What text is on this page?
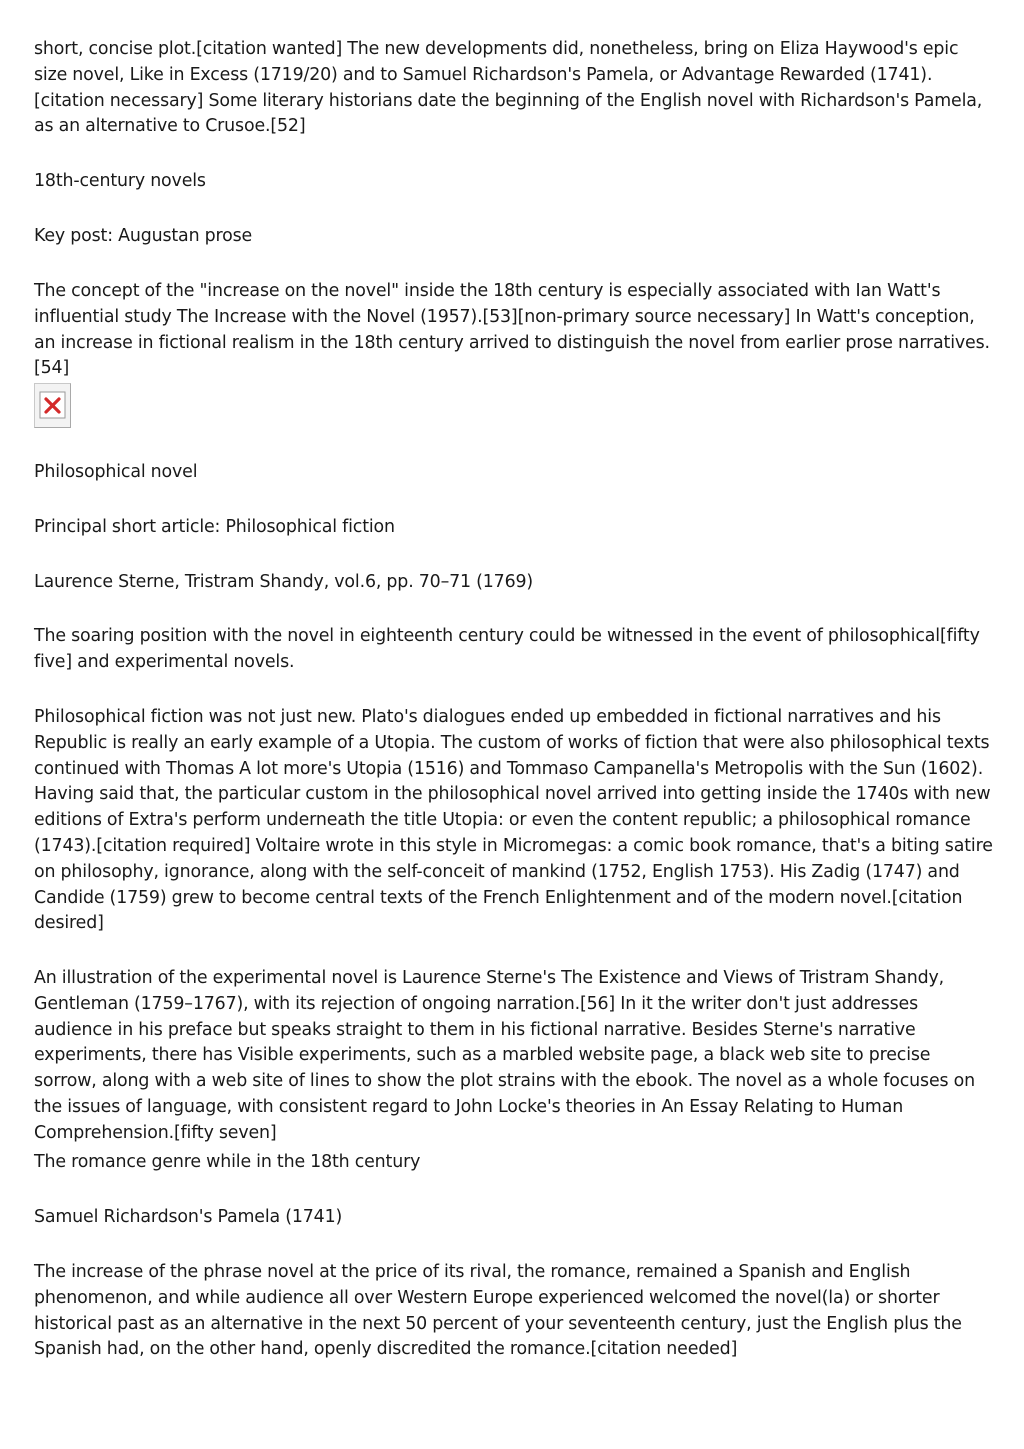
short, concise plot.[citation wanted] The new developments did, nonetheless, bring on Eliza Haywood's epic size novel, Like in Excess (1719/20) and to Samuel Richardson's Pamela, or Advantage Rewarded (1741).[citation necessary] Some literary historians date the beginning of the English novel with Richardson's Pamela, as an alternative to Crusoe.[52]

18th-century novels

Key post: Augustan prose

The concept of the "increase on the novel" inside the 18th century is especially associated with Ian Watt's influential study The Increase with the Novel (1957).[53][non-primary source necessary] In Watt's conception, an increase in fictional realism in the 18th century arrived to distinguish the novel from earlier prose narratives.[54]

Philosophical novel

Principal short article: Philosophical fiction

Laurence Sterne, Tristram Shandy, vol.6, pp. 70–71 (1769)

The soaring position with the novel in eighteenth century could be witnessed in the event of philosophical[fifty five] and experimental novels.

Philosophical fiction was not just new. Plato's dialogues ended up embedded in fictional narratives and his Republic is really an early example of a Utopia. The custom of works of fiction that were also philosophical texts continued with Thomas A lot more's Utopia (1516) and Tommaso Campanella's Metropolis with the Sun (1602). Having said that, the particular custom in the philosophical novel arrived into getting inside the 1740s with new editions of Extra's perform underneath the title Utopia: or even the content republic; a philosophical romance (1743).[citation required] Voltaire wrote in this style in Micromegas: a comic book romance, that's a biting satire on philosophy, ignorance, along with the self-conceit of mankind (1752, English 1753). His Zadig (1747) and Candide (1759) grew to become central texts of the French Enlightenment and of the modern novel.[citation desired]

An illustration of the experimental novel is Laurence Sterne's The Existence and Views of Tristram Shandy, Gentleman (1759–1767), with its rejection of ongoing narration.[56] In it the writer don't just addresses audience in his preface but speaks straight to them in his fictional narrative. Besides Sterne's narrative experiments, there has Visible experiments, such as a marbled website page, a black web site to precise sorrow, along with a web site of lines to show the plot strains with the ebook. The novel as a whole focuses on the issues of language, with consistent regard to John Locke's theories in An Essay Relating to Human Comprehension.[fifty seven]

The romance genre while in the 18th century

Samuel Richardson's Pamela (1741)

The increase of the phrase novel at the price of its rival, the romance, remained a Spanish and English phenomenon, and while audience all over Western Europe experienced welcomed the novel(la) or shorter historical past as an alternative in the next 50 percent of your seventeenth century, just the English plus the Spanish had, on the other hand, openly discredited the romance.[citation needed]
